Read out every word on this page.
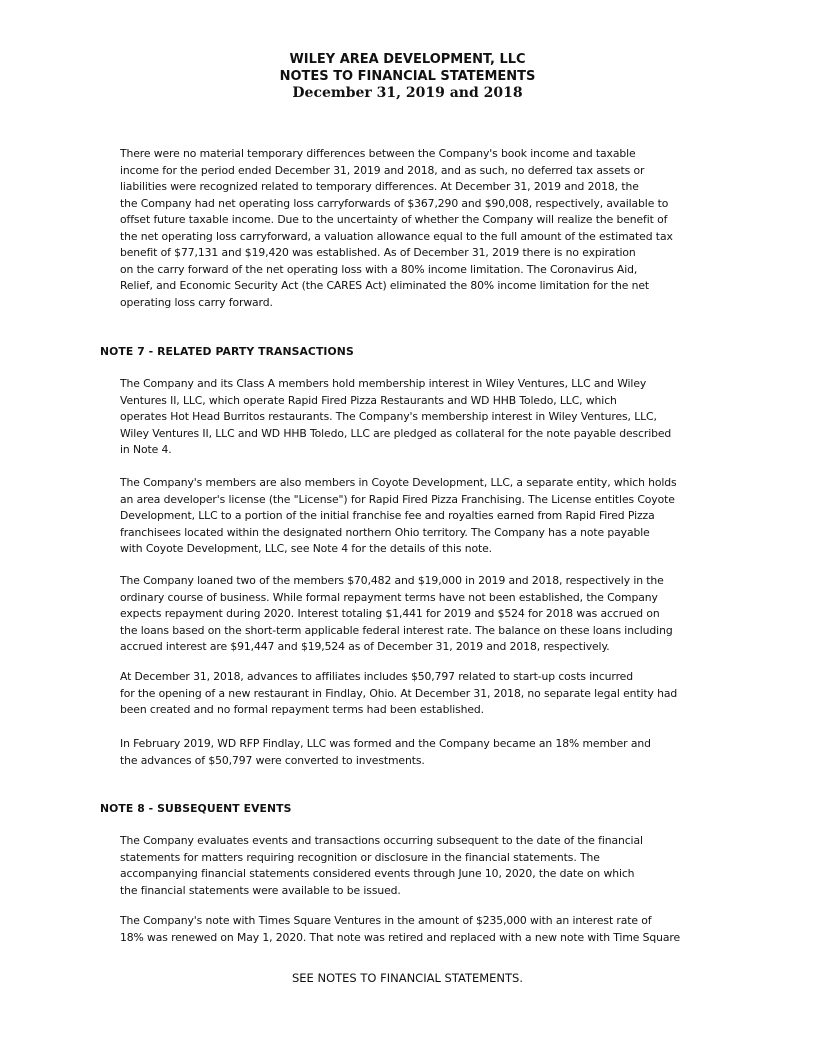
WILEY AREA DEVELOPMENT, LLC
NOTES TO FINANCIAL STATEMENTS
December 31, 2019 and 2018
There were no material temporary differences between the Company's book income and taxable
income for the period ended December 31, 2019 and 2018, and as such, no deferred tax assets or
liabilities were recognized related to temporary differences. At December 31, 2019 and 2018, the
the Company had net operating loss carryforwards of $367,290 and $90,008, respectively, available to
offset future taxable income. Due to the uncertainty of whether the Company will realize the benefit of
the net operating loss carryforward, a valuation allowance equal to the full amount of the estimated tax
benefit of $77,131 and $19,420 was established. As of December 31, 2019 there is no expiration
on the carry forward of the net operating loss with a 80% income limitation. The Coronavirus Aid,
Relief, and Economic Security Act (the CARES Act) eliminated the 80% income limitation for the net
operating loss carry forward.
NOTE 7 - RELATED PARTY TRANSACTIONS
The Company and its Class A members hold membership interest in Wiley Ventures, LLC and Wiley
Ventures II, LLC, which operate Rapid Fired Pizza Restaurants and WD HHB Toledo, LLC, which
operates Hot Head Burritos restaurants. The Company's membership interest in Wiley Ventures, LLC,
Wiley Ventures II, LLC and WD HHB Toledo, LLC are pledged as collateral for the note payable described
in Note 4.
The Company's members are also members in Coyote Development, LLC, a separate entity, which holds
an area developer's license (the "License") for Rapid Fired Pizza Franchising. The License entitles Coyote
Development, LLC to a portion of the initial franchise fee and royalties earned from Rapid Fired Pizza
franchisees located within the designated northern Ohio territory. The Company has a note payable
with Coyote Development, LLC, see Note 4 for the details of this note.
The Company loaned two of the members $70,482 and $19,000 in 2019 and 2018, respectively in the
ordinary course of business. While formal repayment terms have not been established, the Company
expects repayment during 2020. Interest totaling $1,441 for 2019 and $524 for 2018 was accrued on
the loans based on the short-term applicable federal interest rate. The balance on these loans including
accrued interest are $91,447 and $19,524 as of December 31, 2019 and 2018, respectively.
At December 31, 2018, advances to affiliates includes $50,797 related to start-up costs incurred
for the opening of a new restaurant in Findlay, Ohio. At December 31, 2018, no separate legal entity had
been created and no formal repayment terms had been established.
In February 2019, WD RFP Findlay, LLC was formed and the Company became an 18% member and
the advances of $50,797 were converted to investments.
NOTE 8 - SUBSEQUENT EVENTS
The Company evaluates events and transactions occurring subsequent to the date of the financial
statements for matters requiring recognition or disclosure in the financial statements. The
accompanying financial statements considered events through June 10, 2020, the date on which
the financial statements were available to be issued.
The Company's note with Times Square Ventures in the amount of $235,000 with an interest rate of
18% was renewed on May 1, 2020. That note was retired and replaced with a new note with Time Square
SEE NOTES TO FINANCIAL STATEMENTS.
